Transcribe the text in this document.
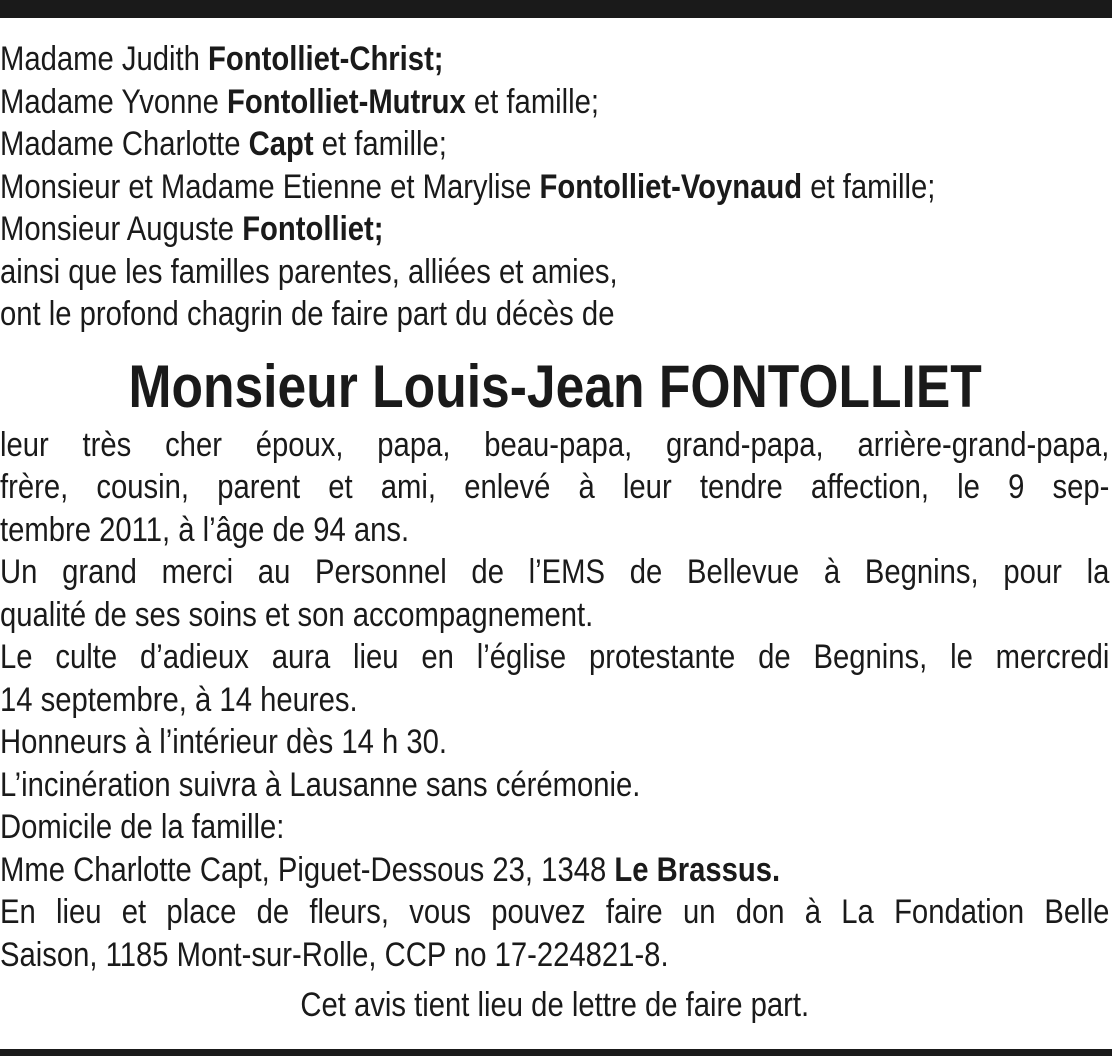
Madame Judith Fontolliet-Christ;
Madame Yvonne Fontolliet-Mutrux et famille;
Madame Charlotte Capt et famille;
Monsieur et Madame Etienne et Marylise Fontolliet-Voynaud et famille;
Monsieur Auguste Fontolliet;
ainsi que les familles parentes, alliées et amies,
ont le profond chagrin de faire part du décès de
Monsieur Louis-Jean FONTOLLIET
leur très cher époux, papa, beau-papa, grand-papa, arrière-grand-papa,
frère, cousin, parent et ami, enlevé à leur tendre affection, le 9 sep-
tembre 2011, à l’âge de 94 ans.
Un grand merci au Personnel de l’EMS de Bellevue à Begnins, pour la
qualité de ses soins et son accompagnement.
Le culte d’adieux aura lieu en l’église protestante de Begnins, le mercredi
14 septembre, à 14 heures.
Honneurs à l’intérieur dès 14 h 30.
L’incinération suivra à Lausanne sans cérémonie.
Domicile de la famille:
Mme Charlotte Capt, Piguet-Dessous 23, 1348 Le Brassus.
En lieu et place de fleurs, vous pouvez faire un don à La Fondation Belle
Saison, 1185 Mont-sur-Rolle, CCP no 17-224821-8.
Cet avis tient lieu de lettre de faire part.
